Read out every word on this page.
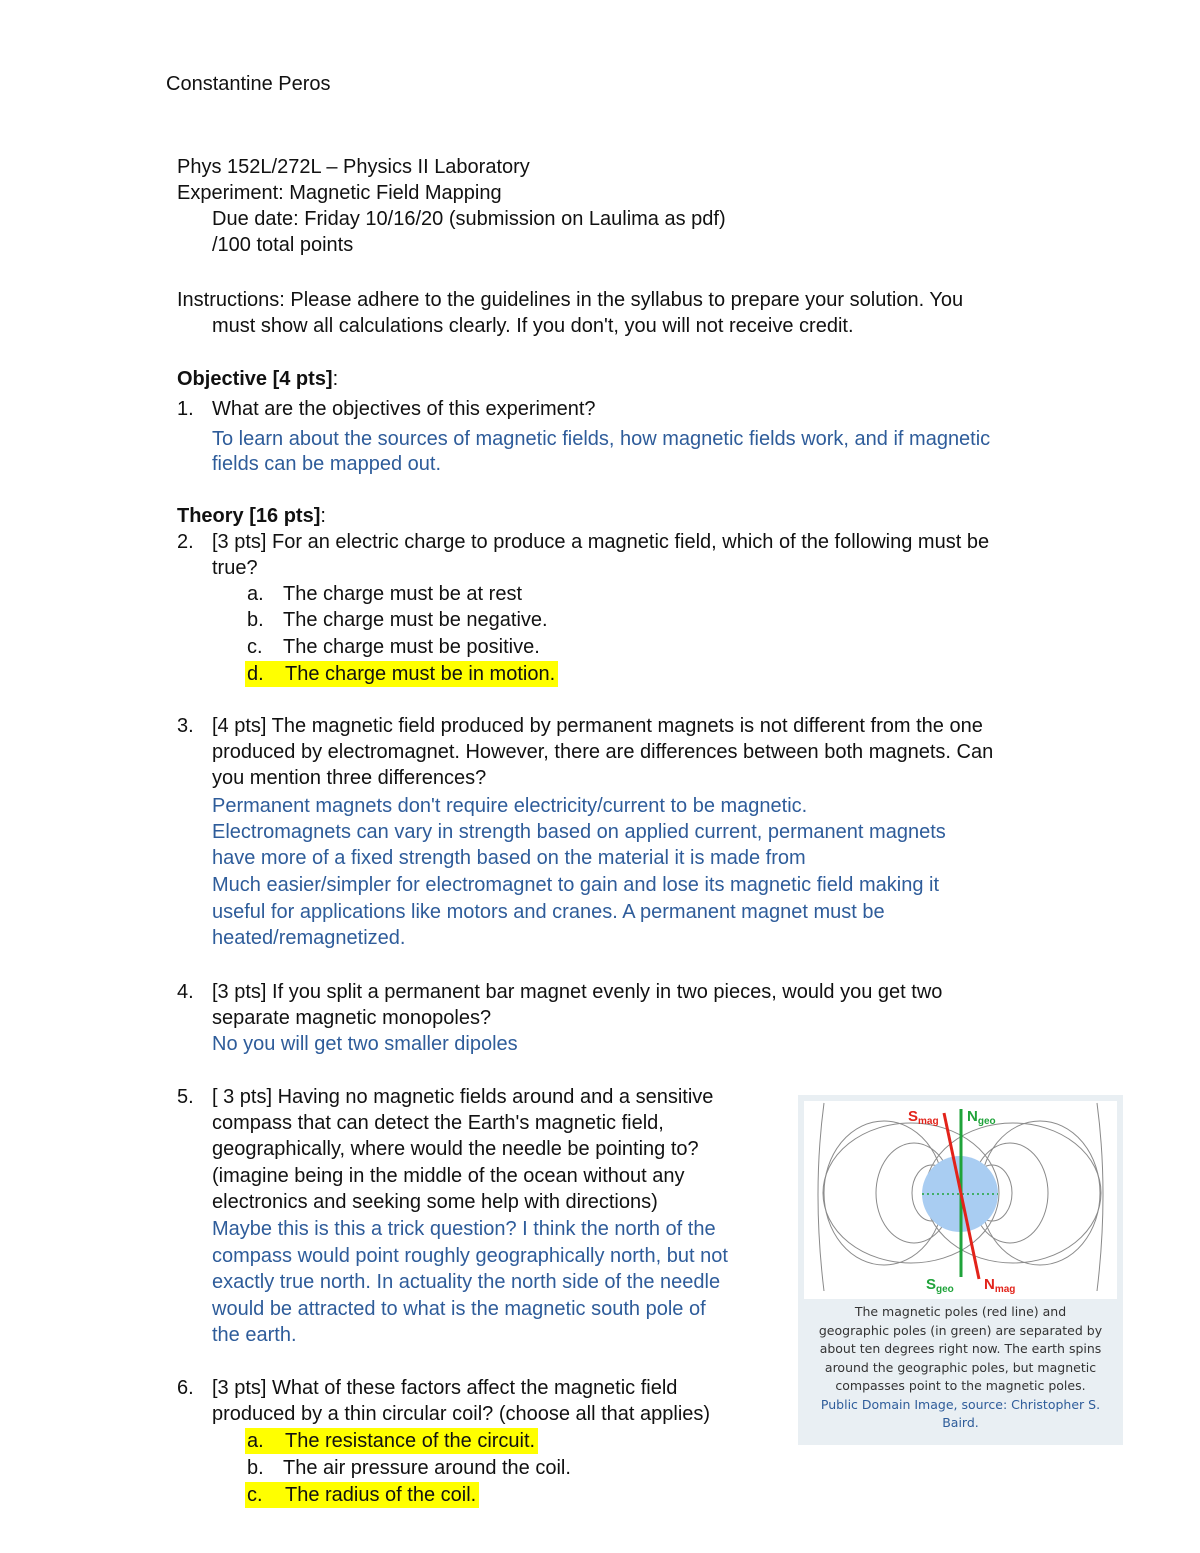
Constantine Peros
Phys 152L/272L – Physics II Laboratory
Experiment: Magnetic Field Mapping
Due date: Friday 10/16/20 (submission on Laulima as pdf)
/100 total points
Instructions: Please adhere to the guidelines in the syllabus to prepare your solution. You
must show all calculations clearly. If you don't, you will not receive credit.
Objective [4 pts]:
1. What are the objectives of this experiment?
To learn about the sources of magnetic fields, how magnetic fields work, and if magnetic
fields can be mapped out.
Theory [16 pts]:
2. [3 pts] For an electric charge to produce a magnetic field, which of the following must be
true?
a. The charge must be at rest
b. The charge must be negative.
c. The charge must be positive.
d. The charge must be in motion.
3. [4 pts] The magnetic field produced by permanent magnets is not different from the one
produced by electromagnet. However, there are differences between both magnets. Can
you mention three differences?
Permanent magnets don't require electricity/current to be magnetic.
Electromagnets can vary in strength based on applied current, permanent magnets
have more of a fixed strength based on the material it is made from
Much easier/simpler for electromagnet to gain and lose its magnetic field making it
useful for applications like motors and cranes. A permanent magnet must be
heated/remagnetized.
4. [3 pts] If you split a permanent bar magnet evenly in two pieces, would you get two
separate magnetic monopoles?
No you will get two smaller dipoles
5. [ 3 pts] Having no magnetic fields around and a sensitive
compass that can detect the Earth's magnetic field,
geographically, where would the needle be pointing to?
(imagine being in the middle of the ocean without any
electronics and seeking some help with directions)
Maybe this is this a trick question? I think the north of the
compass would point roughly geographically north, but not
exactly true north. In actuality the north side of the needle
would be attracted to what is the magnetic south pole of
the earth.
6. [3 pts] What of these factors affect the magnetic field
produced by a thin circular coil? (choose all that applies)
a. The resistance of the circuit.
b. The air pressure around the coil.
c. The radius of the coil.
$S_{mag}$ $N_{geo}$
$S_{geo}$ $N_{mag}$
The magnetic poles (red line) and
geographic poles (in green) are separated by
about ten degrees right now. The earth spins
around the geographic poles, but magnetic
compasses point to the magnetic poles.
Public Domain Image, source: Christopher S.
Baird.
